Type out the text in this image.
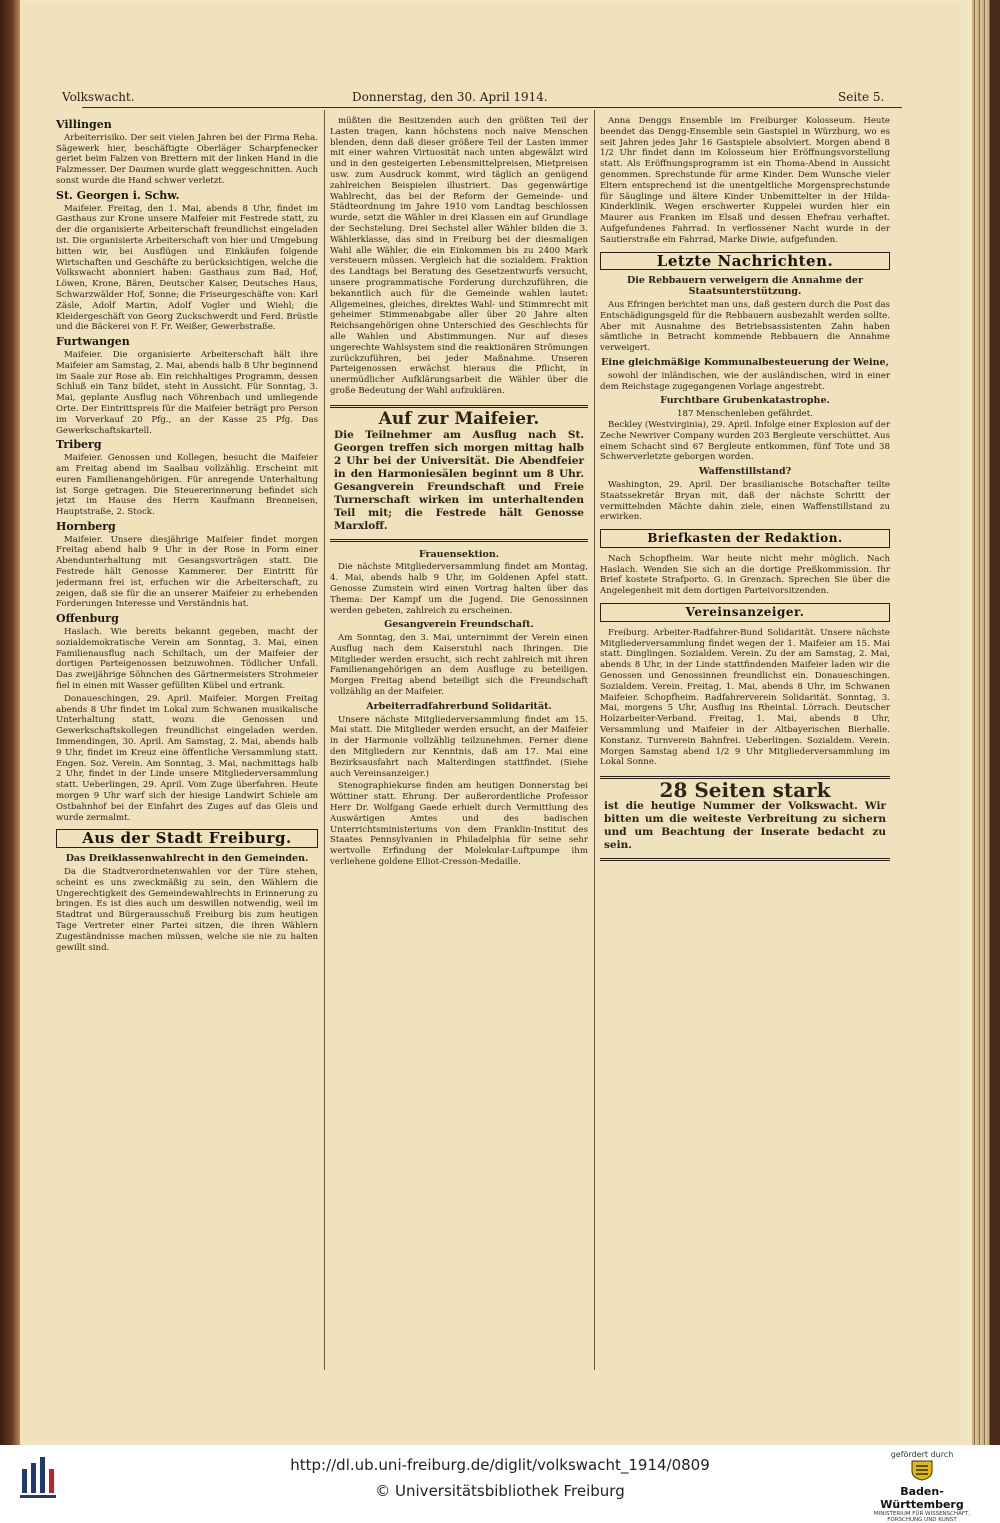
Volkswacht.	Donnerstag, den 30. April 1914.	Seite 5.
Villingen

Arbeiterrisiko. Der seit vielen Jahren bei der Firma Reha. Sägewerk hier, beschäftigte Oberläger Scharpfenecker geriet beim Falzen von Brettern mit der linken Hand in die Falzmesser. Der Daumen wurde glatt weggeschnitten. Auch sonst wurde die Hand schwer verletzt.

St. Georgen i. Schw.

Maifeier. Freitag, den 1. Mai, abends 8 Uhr, findet im Gasthaus zur Krone unsere Maifeier mit Festrede statt, zu der die organisierte Arbeiterschaft freundlichst eingeladen ist. Die organisierte Arbeiterschaft von hier und Umgebung bitten wir, bei Ausflügen und Einkäufen folgende Wirtschaften und Geschäfte zu berücksichtigen, welche die Volkswacht abonniert haben: Gasthaus zum Bad, Hof, Löwen, Krone, Bären, Deutscher Kaiser, Deutsches Haus, Schwarzwälder Hof, Sonne; die Friseurgeschäfte von: Karl Zäsle, Adolf Martin, Adolf Vogler und Wiehl; die Kleidergeschäft von Georg Zuckschwerdt und Ferd. Brüstle und die Bäckerei von F. Fr. Weißer, Gewerbstraße.

Furtwangen

Maifeier. Die organisierte Arbeiterschaft hält ihre Maifeier am Samstag, 2. Mai, abends halb 8 Uhr beginnend im Saale zur Rose ab. Ein reichhaltiges Programm, dessen Schluß ein Tanz bildet, steht in Aussicht. Für Sonntag, 3. Mai, geplante Ausflug nach Vöhrenbach und umliegende Orte. Der Eintrittspreis für die Maifeier beträgt pro Person im Vorverkauf 20 Pfg., an der Kasse 25 Pfg. Das Gewerkschaftskartell.

Triberg

Maifeier. Genossen und Kollegen, besucht die Maifeier am Freitag abend im Saalbau vollzählig. Erscheint mit euren Familienangehörigen. Für anregende Unterhaltung ist Sorge getragen. Die Steuererinnerung befindet sich jetzt im Hause des Herrn Kaufmann Brenneisen, Hauptstraße, 2. Stock.

Hornberg

Maifeier. Unsere diesjährige Maifeier findet morgen Freitag abend halb 9 Uhr in der Rose in Form einer Abendunterhaltung mit Gesangsvorträgen statt. Die Festrede hält Genosse Kammerer. Der Eintritt für jedermann frei ist, erfuchen wir die Arbeiterschaft, zu zeigen, daß sie für die an unserer Maifeier zu erhebenden Forderungen Interesse und Verständnis hat.

Offenburg

Haslach. Wie bereits bekannt gegeben, macht der sozialdemokratische Verein am Sonntag, 3. Mai, einen Familienausflug nach Schiltach, um der Maifeier der dortigen Parteigenossen beizuwohnen. Tödlicher Unfall. Das zweijährige Söhnchen des Gärtnermeisters Strohmeier fiel in einen mit Wasser gefüllten Kübel und ertrank.

Donaueschingen, 29. April. Maifeier. Morgen Freitag abends 8 Uhr findet im Lokal zum Schwanen musikalische Unterhaltung statt, wozu die Genossen und Gewerkschaftskollegen freundlichst eingeladen werden. Immendingen, 30. April. Am Samstag, 2. Mai, abends halb 9 Uhr, findet im Kreuz eine öffentliche Versammlung statt. Engen. Soz. Verein. Am Sonntag, 3. Mai, nachmittags halb 2 Uhr, findet in der Linde unsere Mitgliederversammlung statt. Ueberlingen, 29. April. Vom Zuge überfahren. Heute morgen 9 Uhr warf sich der hiesige Landwirt Schiele am Ostbahnhof bei der Einfahrt des Zuges auf das Gleis und wurde zermalmt.

Aus der Stadt Freiburg.
Das Dreiklassenwahlrecht in den Gemeinden.

Da die Stadtverordnetenwahlen vor der Türe stehen, scheint es uns zweckmäßig zu sein, den Wählern die Ungerechtigkeit des Gemeindewahlrechts in Erinnerung zu bringen. Es ist dies auch um deswillen notwendig, weil im Stadtrat und Bürgerausschuß Freiburg bis zum heutigen Tage Vertreter einer Partei sitzen, die ihren Wählern Zugeständnisse machen müssen, welche sie nie zu halten gewillt sind.

müßten die Besitzenden auch den größten Teil der Lasten tragen, kann höchstens noch naive Menschen blenden, denn daß dieser größere Teil der Lasten immer mit einer wahren Virtuosität nach unten abgewälzt wird und in den gesteigerten Lebensmittelpreisen, Mietpreisen usw. zum Ausdruck kommt, wird täglich an genügend zahlreichen Beispielen illustriert. Das gegenwärtige Wahlrecht, das bei der Reform der Gemeinde- und Städteordnung im Jahre 1910 vom Landtag beschlossen wurde, setzt die Wähler in drei Klassen ein auf Grundlage der Sechstelung. Drei Sechstel aller Wähler bilden die 3. Wählerklasse, das sind in Freiburg bei der diesmaligen Wahl alle Wähler, die ein Einkommen bis zu 2400 Mark versteuern müssen. Vergleich hat die sozialdem. Fraktion des Landtags bei Beratung des Gesetzentwurfs versucht, unsere programmatische Forderung durchzuführen, die bekanntlich auch für die Gemeinde wahlen lautet: Allgemeines, gleiches, direktes Wahl- und Stimmrecht mit geheimer Stimmenabgabe aller über 20 Jahre alten Reichsangehörigen ohne Unterschied des Geschlechts für alle Wahlen und Abstimmungen. Nur auf dieses ungerechte Wahlsystem sind die reaktionären Strömungen zurückzuführen, bei jeder Maßnahme. Unseren Parteigenossen erwächst hieraus die Pflicht, in unermüdlicher Aufklärungsarbeit die Wähler über die große Bedeutung der Wahl aufzuklären.

Auf zur Maifeier.
Die Teilnehmer am Ausflug nach St. Georgen treffen sich morgen mittag halb 2 Uhr bei der Universität. Die Abendfeier in den Harmoniesälen beginnt um 8 Uhr. Gesangverein Freundschaft und Freie Turnerschaft wirken im unterhaltenden Teil mit; die Festrede hält Genosse Marxloff.
Frauensektion.

Die nächste Mitgliederversammlung findet am Montag, 4. Mai, abends halb 9 Uhr, im Goldenen Apfel statt. Genosse Zumstein wird einen Vortrag halten über das Thema: Der Kampf um die Jugend. Die Genossinnen werden gebeten, zahlreich zu erscheinen.

Gesangverein Freundschaft.

Am Sonntag, den 3. Mai, unternimmt der Verein einen Ausflug nach dem Kaiserstuhl nach Ihringen. Die Mitglieder werden ersucht, sich recht zahlreich mit ihren Familienangehörigen an dem Ausfluge zu beteiligen. Morgen Freitag abend beteiligt sich die Freundschaft vollzählig an der Maifeier.

Arbeiterradfahrerbund Solidarität.

Unsere nächste Mitgliederversammlung findet am 15. Mai statt. Die Mitglieder werden ersucht, an der Maifeier in der Harmonie vollzählig teilzunehmen. Ferner diene den Mitgliedern zur Kenntnis, daß am 17. Mai eine Bezirksausfahrt nach Malterdingen stattfindet. (Siehe auch Vereinsanzeiger.)

Stenographiekurse finden am heutigen Donnerstag bei Wöttiner statt. Ehrung. Der außerordentliche Professor Herr Dr. Wolfgang Gaede erhielt durch Vermittlung des Auswärtigen Amtes und des badischen Unterrichtsministeriums von dem Franklin-Institut des Staates Pennsylvanien in Philadelphia für seine sehr wertvolle Erfindung der Molekular-Luftpumpe ihm verliehene goldene Elliot-Cresson-Medaille.

Anna Denggs Ensemble im Freiburger Kolosseum. Heute beendet das Dengg-Ensemble sein Gastspiel in Würzburg, wo es seit Jahren jedes Jahr 16 Gastspiele absolviert. Morgen abend 8 1/2 Uhr findet dann im Kolosseum hier Eröffnungsvorstellung statt. Als Eröffnungsprogramm ist ein Thoma-Abend in Aussicht genommen. Sprechstunde für arme Kinder. Dem Wunsche vieler Eltern entsprechend ist die unentgeltliche Morgensprechstunde für Säuglinge und ältere Kinder Unbemittelter in der Hilda-Kinderklinik. Wegen erschwerter Kuppelei wurden hier ein Maurer aus Franken im Elsaß und dessen Ehefrau verhaftet. Aufgefundenes Fahrrad. In verflossener Nacht wurde in der Sautierstraße ein Fahrrad, Marke Diwie, aufgefunden.

Letzte Nachrichten.
Die Rebbauern verweigern die Annahme der Staatsunterstützung.

Aus Efringen berichtet man uns, daß gestern durch die Post das Entschädigungsgeld für die Rebbauern ausbezahlt werden sollte. Aber mit Ausnahme des Betriebsassistenten Zahn haben sämtliche in Betracht kommende Rebbauern die Annahme verweigert.

Eine gleichmäßige Kommunalbesteuerung der Weine,

sowohl der inländischen, wie der ausländischen, wird in einer dem Reichstage zugegangenen Vorlage angestrebt.

Furchtbare Grubenkatastrophe.
187 Menschenleben gefährdet.

Beckley (Westvirginia), 29. April. Infolge einer Explosion auf der Zeche Newriver Company wurden 203 Bergleute verschüttet. Aus einem Schacht sind 67 Bergleute entkommen, fünf Tote und 38 Schwerverletzte geborgen worden.

Waffenstillstand?

Washington, 29. April. Der brasilianische Botschafter teilte Staatssekretär Bryan mit, daß der nächste Schritt der vermittelnden Mächte dahin ziele, einen Waffenstillstand zu erwirken.

Briefkasten der Redaktion.

Nach Schopfheim. War heute nicht mehr möglich. Nach Haslach. Wenden Sie sich an die dortige Preßkommission. Ihr Brief kostete Strafporto. G. in Grenzach. Sprechen Sie über die Angelegenheit mit dem dortigen Parteivorsitzenden.

Vereinsanzeiger.

Freiburg. Arbeiter-Radfahrer-Bund Solidarität. Unsere nächste Mitgliederversammlung findet wegen der 1. Maifeier am 15. Mai statt. Dinglingen. Sozialdem. Verein. Zu der am Samstag, 2. Mai, abends 8 Uhr, in der Linde stattfindenden Maifeier laden wir die Genossen und Genossinnen freundlichst ein. Donaueschingen. Sozialdem. Verein. Freitag, 1. Mai, abends 8 Uhr, im Schwanen Maifeier. Schopfheim. Radfahrerverein Solidarität. Sonntag, 3. Mai, morgens 5 Uhr, Ausflug ins Rheintal. Lörrach. Deutscher Holzarbeiter-Verband. Freitag, 1. Mai, abends 8 Uhr, Versammlung und Maifeier in der Altbayerischen Bierhalle. Konstanz. Turnverein Bahnfrei. Ueberlingen. Sozialdem. Verein. Morgen Samstag abend 1/2 9 Uhr Mitgliederversammlung im Lokal Sonne.

28 Seiten stark
ist die heutige Nummer der Volkswacht. Wir bitten um die weiteste Verbreitung zu sichern und um Beachtung der Inserate bedacht zu sein.
http://dl.ub.uni-freiburg.de/diglit/volkswacht_1914/0809
© Universitätsbibliothek Freiburg
gefördert durch
Baden-Württemberg
MINISTERIUM FÜR WISSENSCHAFT, FORSCHUNG UND KUNST
